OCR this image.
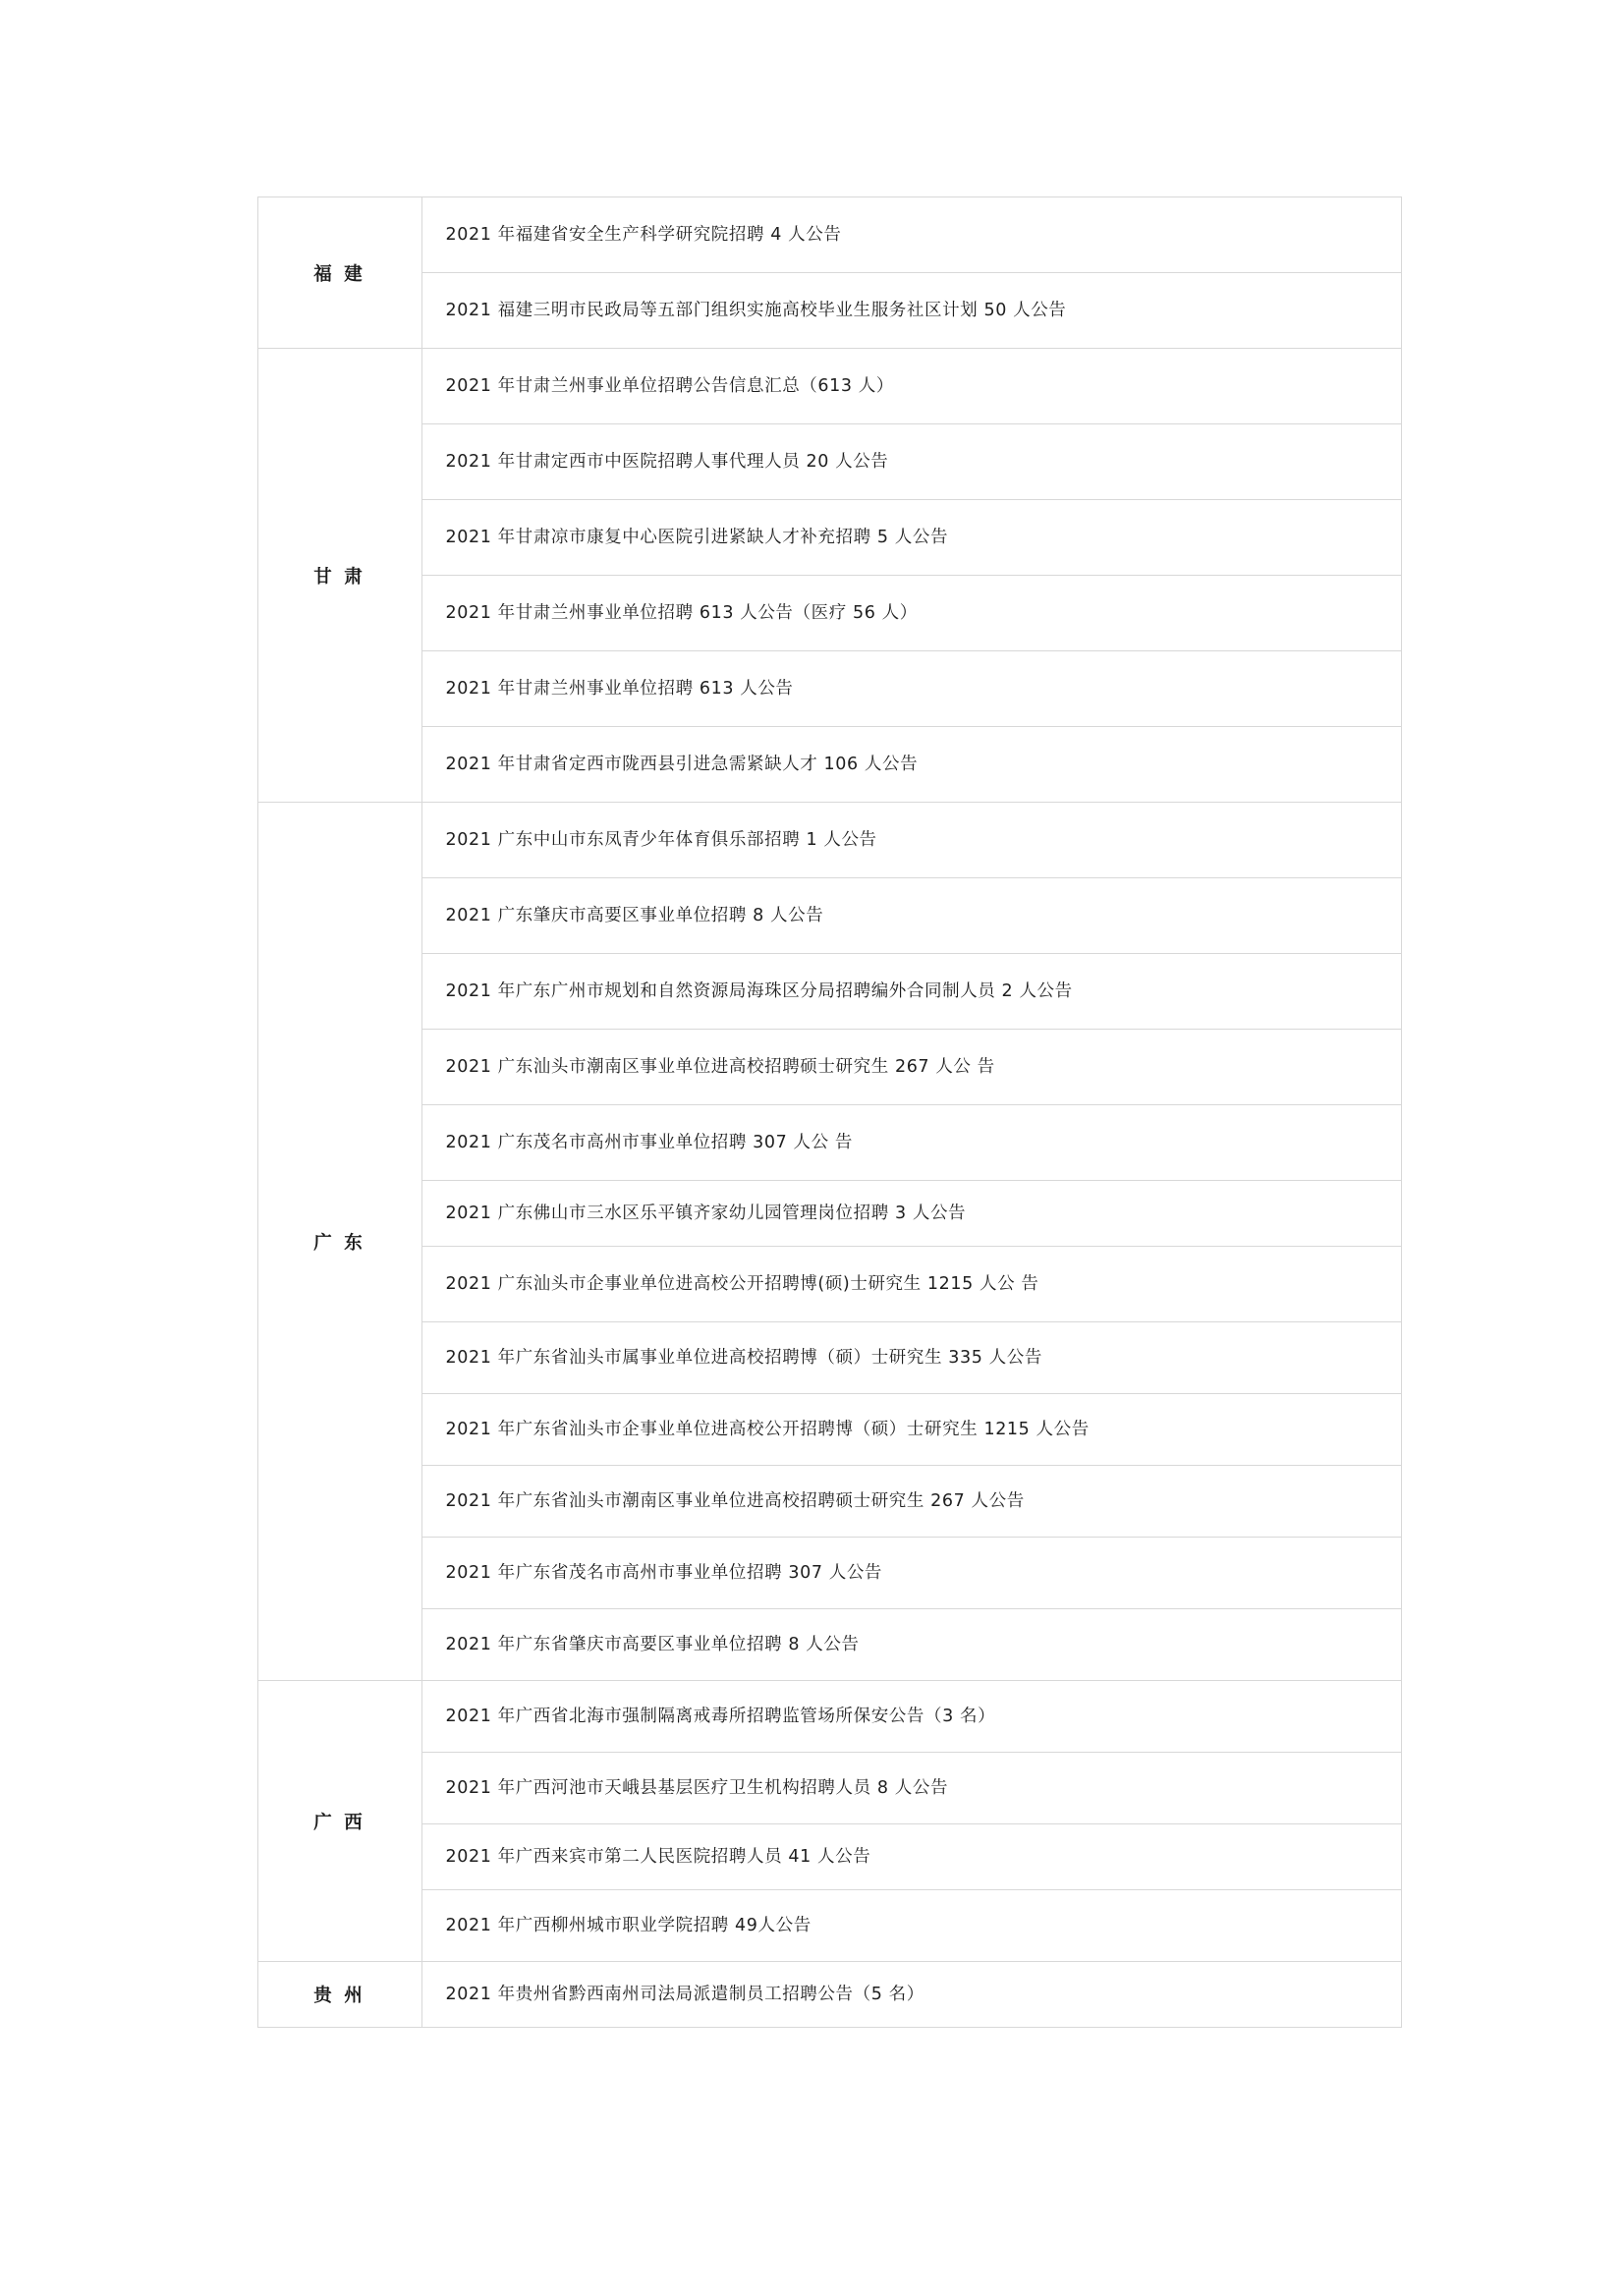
福 建	2021 年福建省安全生产科学研究院招聘 4 人公告
	2021 福建三明市民政局等五部门组织实施高校毕业生服务社区计划 50 人公告
甘 肃	2021 年甘肃兰州事业单位招聘公告信息汇总（613 人）
	2021 年甘肃定西市中医院招聘人事代理人员 20 人公告
	2021 年甘肃凉市康复中心医院引进紧缺人才补充招聘 5 人公告
	2021 年甘肃兰州事业单位招聘 613 人公告（医疗 56 人）
	2021 年甘肃兰州事业单位招聘 613 人公告
	2021 年甘肃省定西市陇西县引进急需紧缺人才 106 人公告
广 东	2021 广东中山市东凤青少年体育俱乐部招聘 1 人公告
	2021 广东肇庆市高要区事业单位招聘 8 人公告
	2021 年广东广州市规划和自然资源局海珠区分局招聘编外合同制人员 2 人公告
	2021 广东汕头市潮南区事业单位进高校招聘硕士研究生 267 人公 告
	2021 广东茂名市高州市事业单位招聘 307 人公 告
	2021 广东佛山市三水区乐平镇齐家幼儿园管理岗位招聘 3 人公告
	2021 广东汕头市企事业单位进高校公开招聘博(硕)士研究生 1215 人公 告
	2021 年广东省汕头市属事业单位进高校招聘博（硕）士研究生 335 人公告
	2021 年广东省汕头市企事业单位进高校公开招聘博（硕）士研究生 1215 人公告
	2021 年广东省汕头市潮南区事业单位进高校招聘硕士研究生 267 人公告
	2021 年广东省茂名市高州市事业单位招聘 307 人公告
	2021 年广东省肇庆市高要区事业单位招聘 8 人公告
广 西	2021 年广西省北海市强制隔离戒毒所招聘监管场所保安公告（3 名）
	2021 年广西河池市天峨县基层医疗卫生机构招聘人员 8 人公告
	2021 年广西来宾市第二人民医院招聘人员 41 人公告
	2021 年广西柳州城市职业学院招聘 49人公告
贵 州	2021 年贵州省黔西南州司法局派遣制员工招聘公告（5 名）
